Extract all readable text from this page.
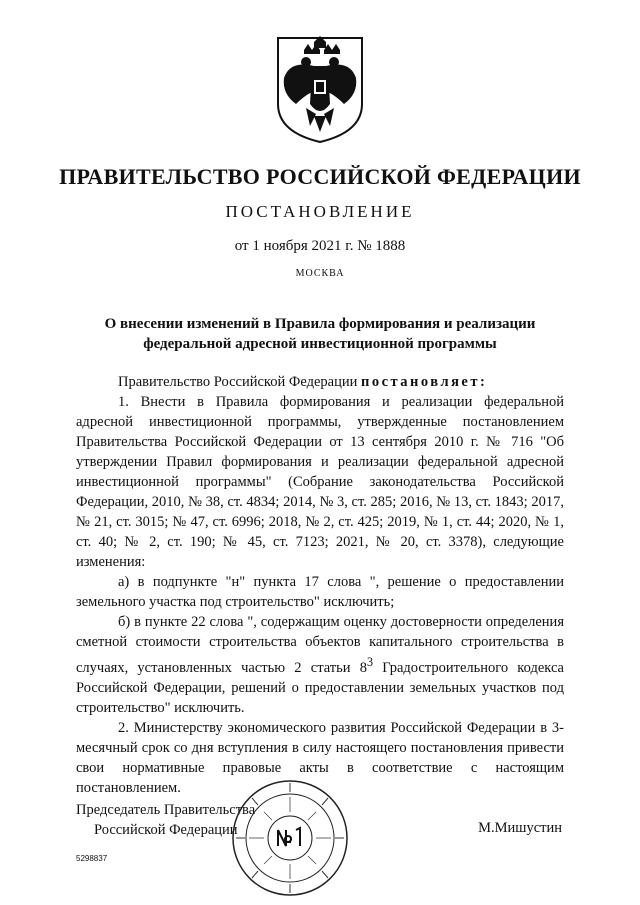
ПРАВИТЕЛЬСТВО РОССИЙСКОЙ ФЕДЕРАЦИИ
ПОСТАНОВЛЕНИЕ
от 1 ноября 2021 г. № 1888
МОСКВА
О внесении изменений в Правила формирования и реализации
федеральной адресной инвестиционной программы

Правительство Российской Федерации постановляет:

1. Внести в Правила формирования и реализации федеральной адресной инвестиционной программы, утвержденные постановлением Правительства Российской Федерации от 13 сентября 2010 г. № 716 "Об утверждении Правил формирования и реализации федеральной адресной инвестиционной программы" (Собрание законодательства Российской Федерации, 2010, № 38, ст. 4834; 2014, № 3, ст. 285; 2016, № 13, ст. 1843; 2017, № 21, ст. 3015; № 47, ст. 6996; 2018, № 2, ст. 425; 2019, № 1, ст. 44; 2020, № 1, ст. 40; № 2, ст. 190; № 45, ст. 7123; 2021, № 20, ст. 3378), следующие изменения:

а) в подпункте "н" пункта 17 слова ", решение о предоставлении земельного участка под строительство" исключить;

б) в пункте 22 слова ", содержащим оценку достоверности определения сметной стоимости строительства объектов капитального строительства в случаях, установленных частью 2 статьи $8^3$ Градостроительного кодекса Российской Федерации, решений о предоставлении земельных участков под строительство" исключить.

2. Министерству экономического развития Российской Федерации в 3-месячный срок со дня вступления в силу настоящего постановления привести свои нормативные правовые акты в соответствие с настоящим постановлением.

Председатель Правительства
Российской Федерации	М.Мишустин
5298837
